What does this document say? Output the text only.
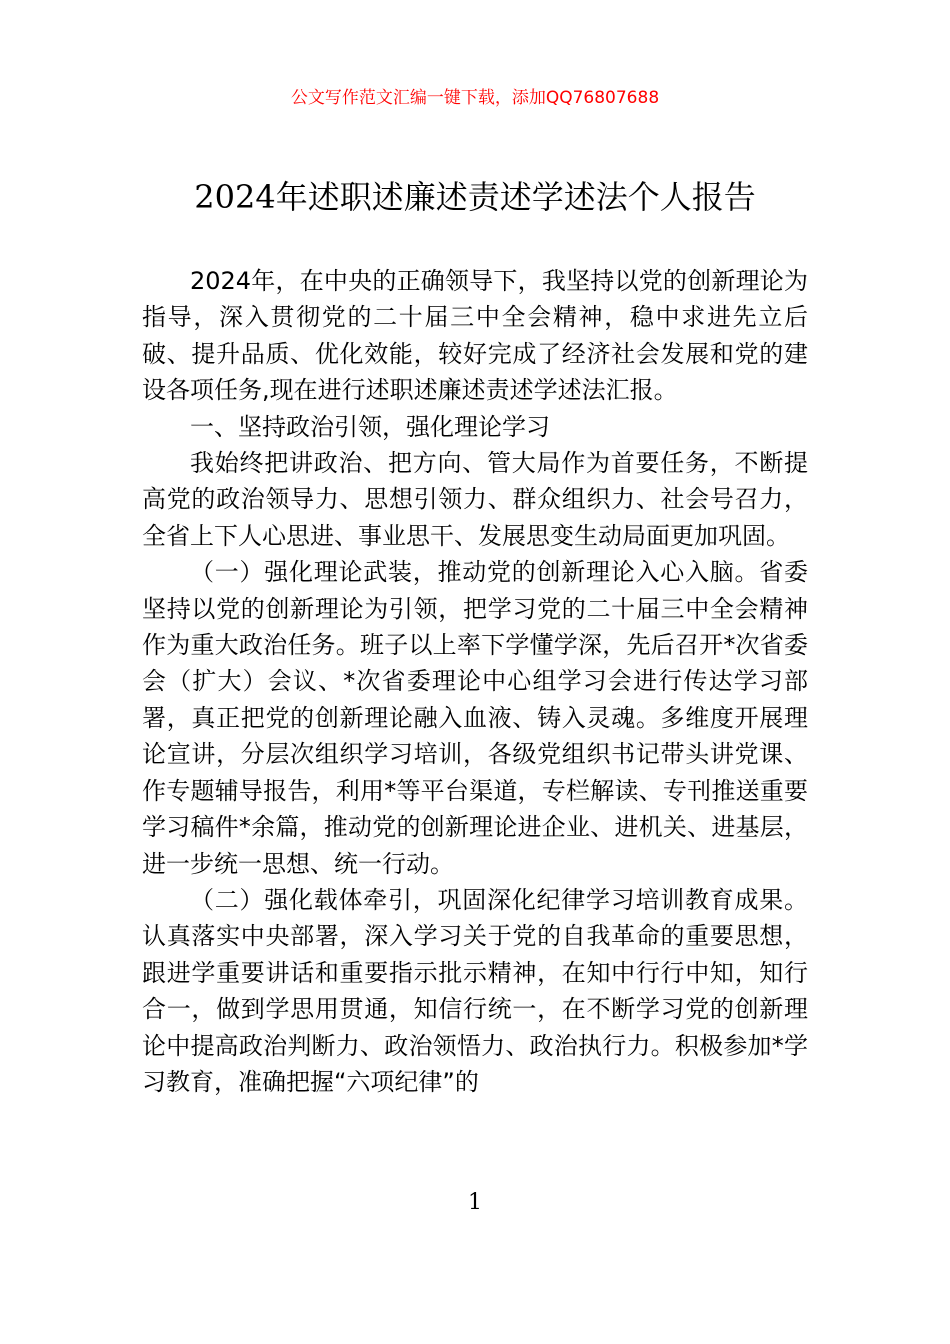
公文写作范文汇编一键下载，添加QQ76807688
2024年述职述廉述责述学述法个人报告

2024年，在中央的正确领导下，我坚持以党的创新理论为指导，深入贯彻党的二十届三中全会精神，稳中求进先立后破、提升品质、优化效能，较好完成了经济社会发展和党的建设各项任务,现在进行述职述廉述责述学述法汇报。

一、坚持政治引领，强化理论学习

我始终把讲政治、把方向、管大局作为首要任务，不断提高党的政治领导力、思想引领力、群众组织力、社会号召力，全省上下人心思进、事业思干、发展思变生动局面更加巩固。

（一）强化理论武装，推动党的创新理论入心入脑。省委坚持以党的创新理论为引领，把学习党的二十届三中全会精神作为重大政治任务。班子以上率下学懂学深，先后召开*次省委会（扩大）会议、*次省委理论中心组学习会进行传达学习部署，真正把党的创新理论融入血液、铸入灵魂。多维度开展理论宣讲，分层次组织学习培训，各级党组织书记带头讲党课、作专题辅导报告，利用*等平台渠道，专栏解读、专刊推送重要学习稿件*余篇，推动党的创新理论进企业、进机关、进基层，进一步统一思想、统一行动。

（二）强化载体牵引，巩固深化纪律学习培训教育成果。认真落实中央部署，深入学习关于党的自我革命的重要思想，跟进学重要讲话和重要指示批示精神，在知中行行中知，知行合一，做到学思用贯通，知信行统一，在不断学习党的创新理论中提高政治判断力、政治领悟力、政治执行力。积极参加*学习教育，准确把握“六项纪律”的

1
